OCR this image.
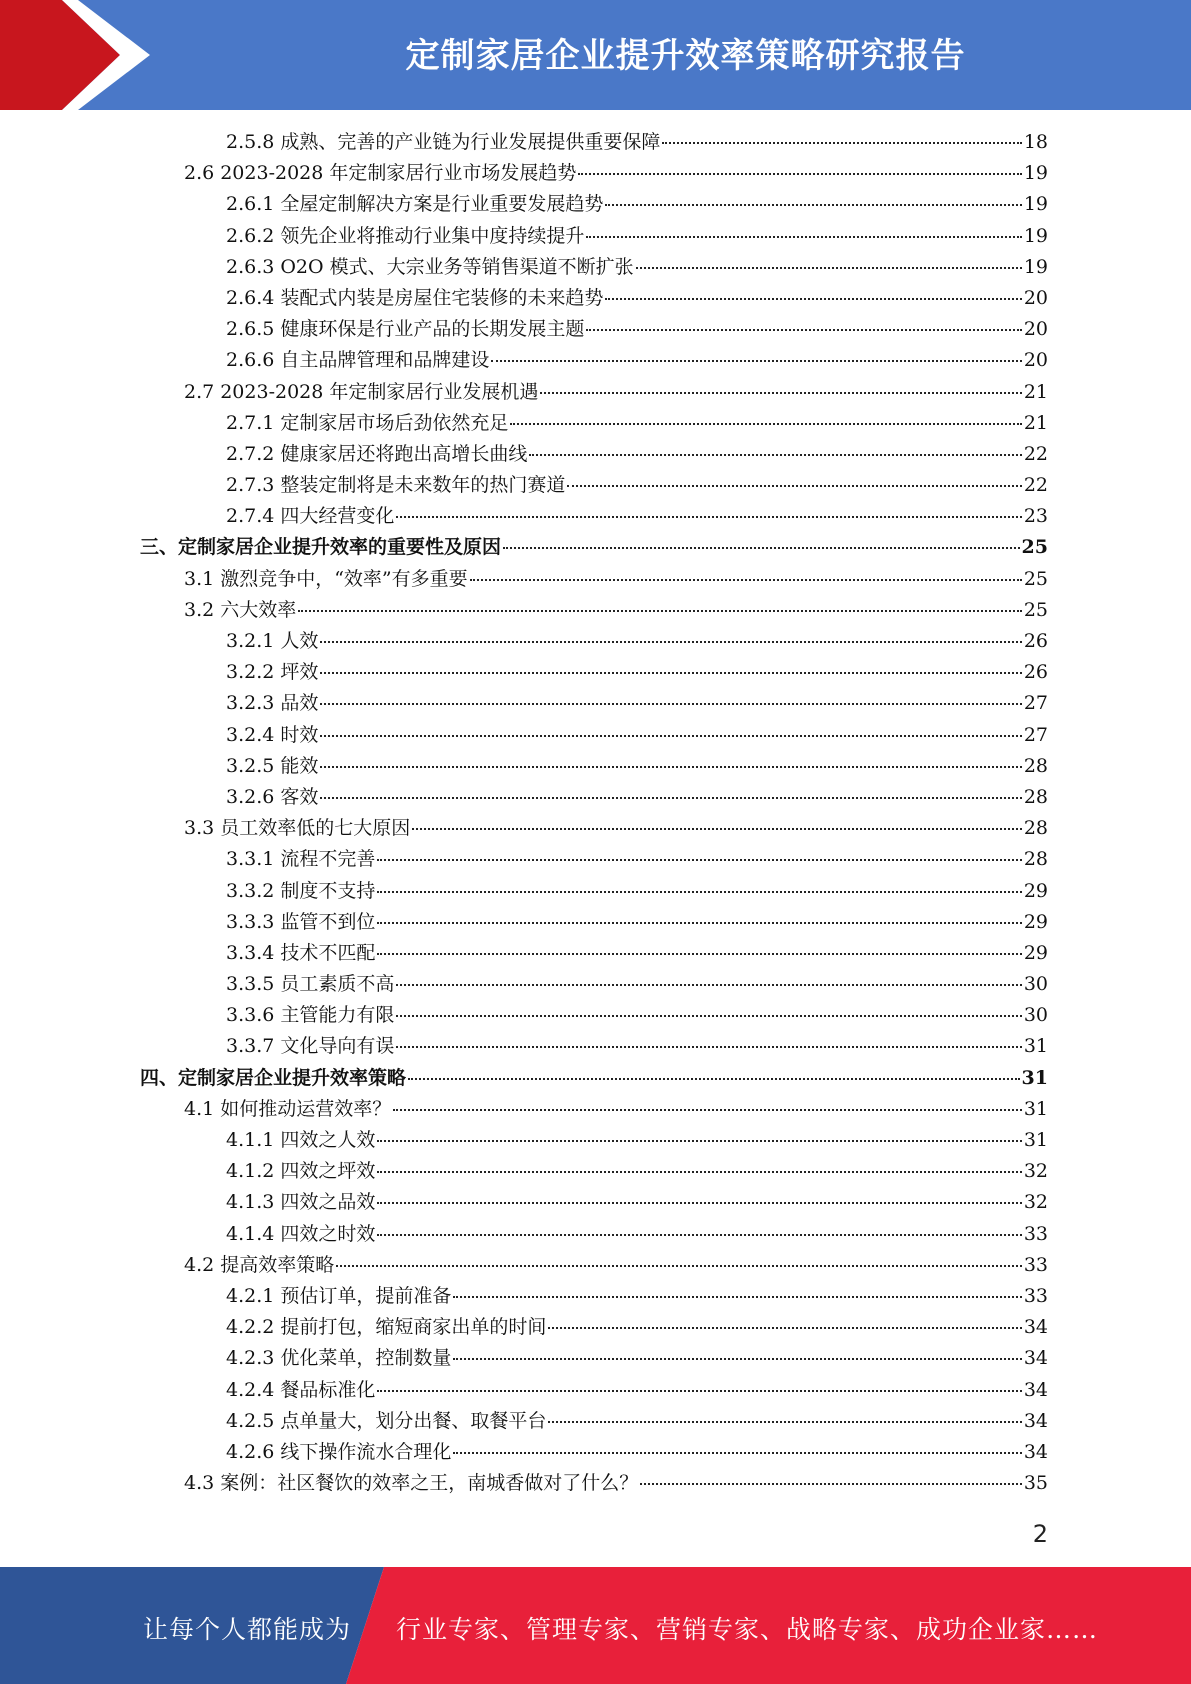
定制家居企业提升效率策略研究报告
2.5.8 成熟、完善的产业链为行业发展提供重要保障	18
2.6 2023-2028 年定制家居行业市场发展趋势	19
2.6.1 全屋定制解决方案是行业重要发展趋势	19
2.6.2 领先企业将推动行业集中度持续提升	19
2.6.3 O2O 模式、大宗业务等销售渠道不断扩张	19
2.6.4 装配式内装是房屋住宅装修的未来趋势	20
2.6.5 健康环保是行业产品的长期发展主题	20
2.6.6 自主品牌管理和品牌建设	20
2.7 2023-2028 年定制家居行业发展机遇	21
2.7.1 定制家居市场后劲依然充足	21
2.7.2 健康家居还将跑出高增长曲线	22
2.7.3 整装定制将是未来数年的热门赛道	22
2.7.4 四大经营变化	23
三、 定制家居企业提升效率的重要性及原因	25
3.1 激烈竞争中，“效率”有多重要	25
3.2 六大效率	25
3.2.1 人效	26
3.2.2 坪效	26
3.2.3 品效	27
3.2.4 时效	27
3.2.5 能效	28
3.2.6 客效	28
3.3 员工效率低的七大原因	28
3.3.1 流程不完善	28
3.3.2 制度不支持	29
3.3.3 监管不到位	29
3.3.4 技术不匹配	29
3.3.5 员工素质不高	30
3.3.6 主管能力有限	30
3.3.7 文化导向有误	31
四、 定制家居企业提升效率策略	31
4.1 如何推动运营效率？	31
4.1.1 四效之人效	31
4.1.2 四效之坪效	32
4.1.3 四效之品效	32
4.1.4 四效之时效	33
4.2 提高效率策略	33
4.2.1 预估订单，提前准备	33
4.2.2 提前打包，缩短商家出单的时间	34
4.2.3 优化菜单，控制数量	34
4.2.4 餐品标准化	34
4.2.5 点单量大，划分出餐、取餐平台	34
4.2.6 线下操作流水合理化	34
4.3 案例：社区餐饮的效率之王，南城香做对了什么？	35
2
让每个人都能成为 行业专家、管理专家、营销专家、战略专家、成功企业家……
